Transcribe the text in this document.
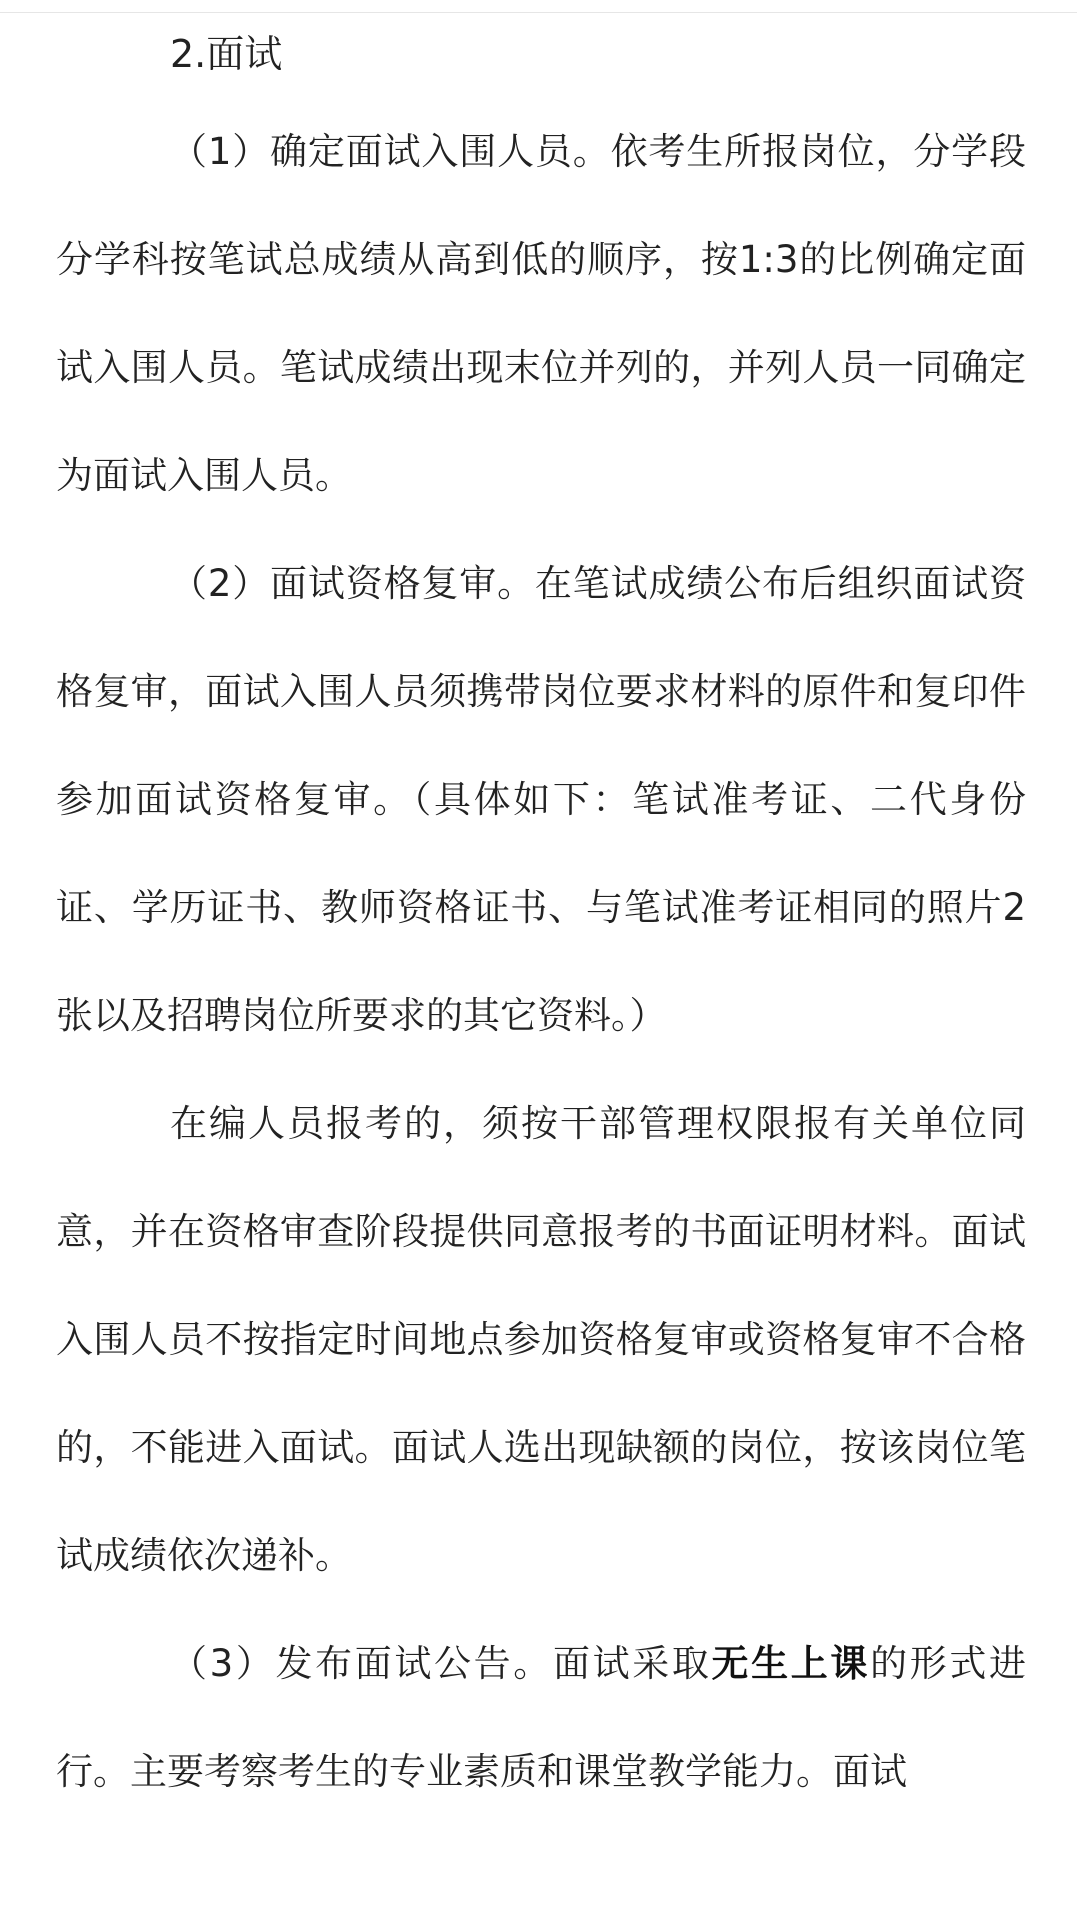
2.面试

（1）确定面试入围人员。依考生所报岗位，分学段分学科按笔试总成绩从高到低的顺序，按1:3的比例确定面试入围人员。笔试成绩出现末位并列的，并列人员一同确定为面试入围人员。

（2）面试资格复审。在笔试成绩公布后组织面试资格复审，面试入围人员须携带岗位要求材料的原件和复印件参加面试资格复审。（具体如下：笔试准考证、二代身份证、学历证书、教师资格证书、与笔试准考证相同的照片2张以及招聘岗位所要求的其它资料。）

在编人员报考的，须按干部管理权限报有关单位同意，并在资格审查阶段提供同意报考的书面证明材料。面试入围人员不按指定时间地点参加资格复审或资格复审不合格的，不能进入面试。面试人选出现缺额的岗位，按该岗位笔试成绩依次递补。

（3）发布面试公告。面试采取无生上课的形式进行。主要考察考生的专业素质和课堂教学能力。面试
